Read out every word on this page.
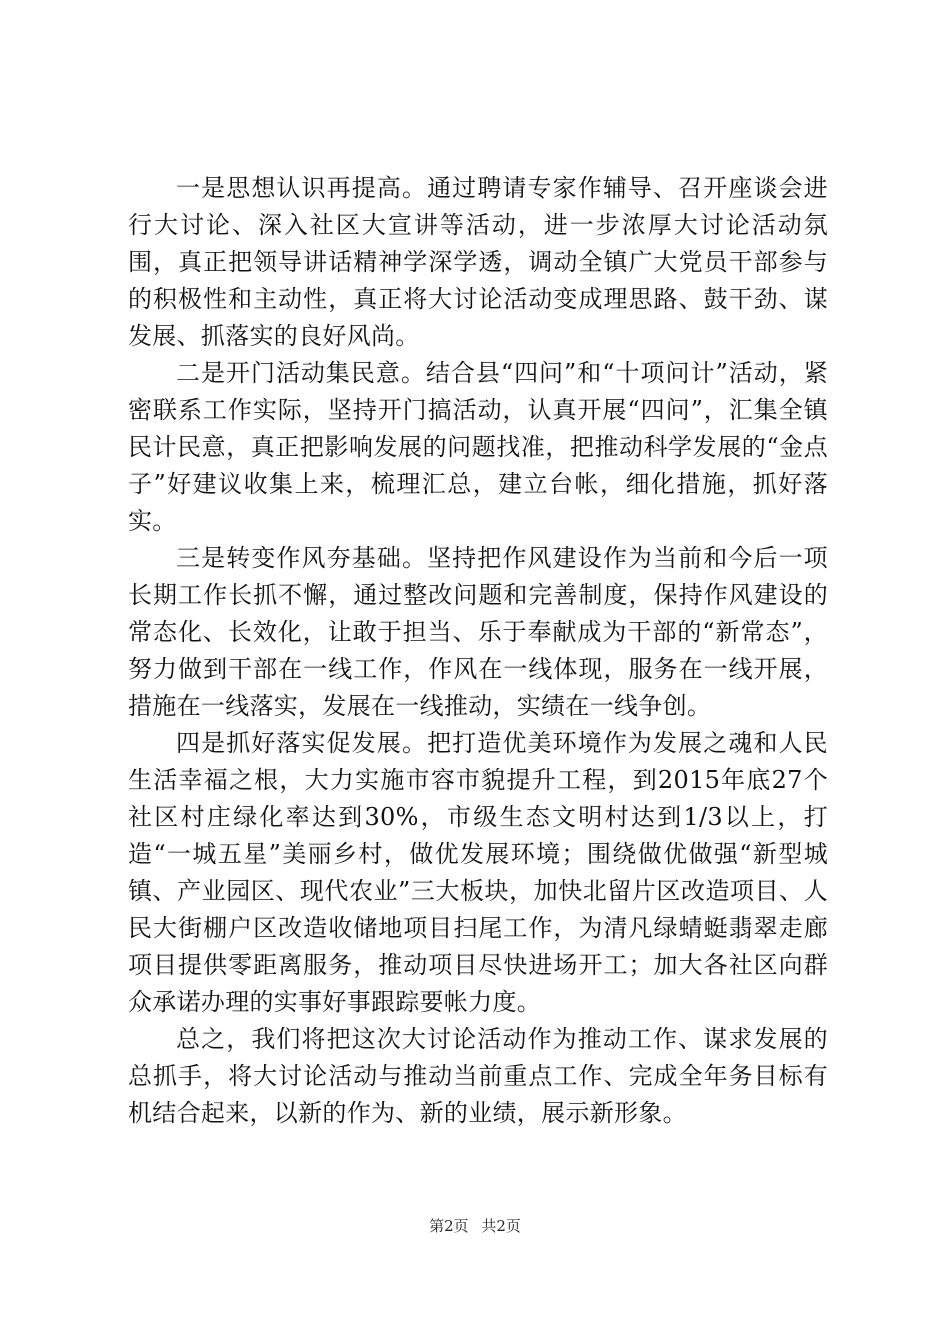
一是思想认识再提高。通过聘请专家作辅导、召开座谈会进行大讨论、深入社区大宣讲等活动，进一步浓厚大讨论活动氛围，真正把领导讲话精神学深学透，调动全镇广大党员干部参与的积极性和主动性，真正将大讨论活动变成理思路、鼓干劲、谋发展、抓落实的良好风尚。

二是开门活动集民意。结合县“四问”和“十项问计”活动，紧密联系工作实际，坚持开门搞活动，认真开展“四问”，汇集全镇民计民意，真正把影响发展的问题找准，把推动科学发展的“金点子”好建议收集上来，梳理汇总，建立台帐，细化措施，抓好落实。

三是转变作风夯基础。坚持把作风建设作为当前和今后一项长期工作长抓不懈，通过整改问题和完善制度，保持作风建设的常态化、长效化，让敢于担当、乐于奉献成为干部的“新常态”，努力做到干部在一线工作，作风在一线体现，服务在一线开展，措施在一线落实，发展在一线推动，实绩在一线争创。

四是抓好落实促发展。把打造优美环境作为发展之魂和人民生活幸福之根，大力实施市容市貌提升工程，到2015年底27个社区村庄绿化率达到30%，市级生态文明村达到1/3以上，打造“一城五星”美丽乡村，做优发展环境；围绕做优做强“新型城镇、产业园区、现代农业”三大板块，加快北留片区改造项目、人民大街棚户区改造收储地项目扫尾工作，为清凡绿蜻蜓翡翠走廊项目提供零距离服务，推动项目尽快进场开工；加大各社区向群众承诺办理的实事好事跟踪要帐力度。

总之，我们将把这次大讨论活动作为推动工作、谋求发展的总抓手，将大讨论活动与推动当前重点工作、完成全年务目标有机结合起来，以新的作为、新的业绩，展示新形象。

第2页 共2页
